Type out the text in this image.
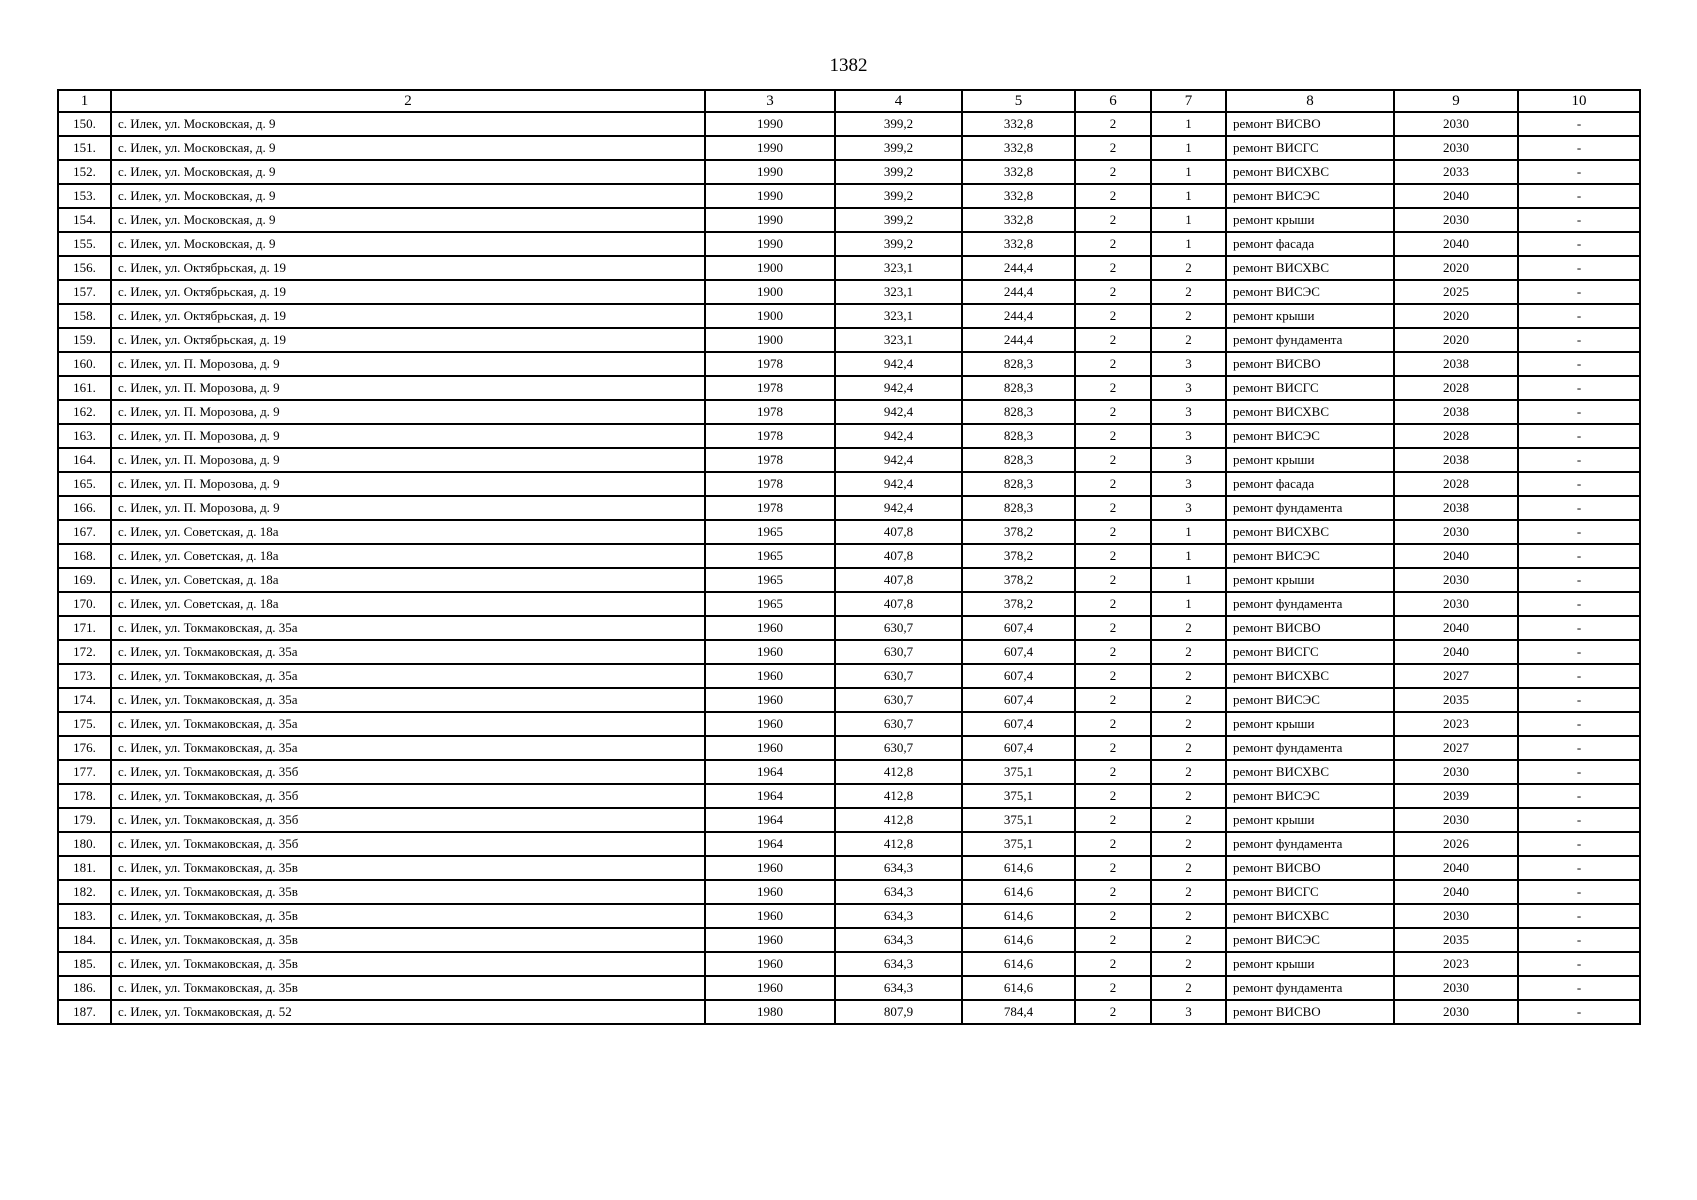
1382
1	2	3	4	5	6	7	8	9	10
150.	с. Илек, ул. Московская, д. 9	1990	399,2	332,8	2	1	ремонт ВИСВО	2030	-
151.	с. Илек, ул. Московская, д. 9	1990	399,2	332,8	2	1	ремонт ВИСГС	2030	-
152.	с. Илек, ул. Московская, д. 9	1990	399,2	332,8	2	1	ремонт ВИСХВС	2033	-
153.	с. Илек, ул. Московская, д. 9	1990	399,2	332,8	2	1	ремонт ВИСЭС	2040	-
154.	с. Илек, ул. Московская, д. 9	1990	399,2	332,8	2	1	ремонт крыши	2030	-
155.	с. Илек, ул. Московская, д. 9	1990	399,2	332,8	2	1	ремонт фасада	2040	-
156.	с. Илек, ул. Октябрьская, д. 19	1900	323,1	244,4	2	2	ремонт ВИСХВС	2020	-
157.	с. Илек, ул. Октябрьская, д. 19	1900	323,1	244,4	2	2	ремонт ВИСЭС	2025	-
158.	с. Илек, ул. Октябрьская, д. 19	1900	323,1	244,4	2	2	ремонт крыши	2020	-
159.	с. Илек, ул. Октябрьская, д. 19	1900	323,1	244,4	2	2	ремонт фундамента	2020	-
160.	с. Илек, ул. П. Морозова, д. 9	1978	942,4	828,3	2	3	ремонт ВИСВО	2038	-
161.	с. Илек, ул. П. Морозова, д. 9	1978	942,4	828,3	2	3	ремонт ВИСГС	2028	-
162.	с. Илек, ул. П. Морозова, д. 9	1978	942,4	828,3	2	3	ремонт ВИСХВС	2038	-
163.	с. Илек, ул. П. Морозова, д. 9	1978	942,4	828,3	2	3	ремонт ВИСЭС	2028	-
164.	с. Илек, ул. П. Морозова, д. 9	1978	942,4	828,3	2	3	ремонт крыши	2038	-
165.	с. Илек, ул. П. Морозова, д. 9	1978	942,4	828,3	2	3	ремонт фасада	2028	-
166.	с. Илек, ул. П. Морозова, д. 9	1978	942,4	828,3	2	3	ремонт фундамента	2038	-
167.	с. Илек, ул. Советская, д. 18а	1965	407,8	378,2	2	1	ремонт ВИСХВС	2030	-
168.	с. Илек, ул. Советская, д. 18а	1965	407,8	378,2	2	1	ремонт ВИСЭС	2040	-
169.	с. Илек, ул. Советская, д. 18а	1965	407,8	378,2	2	1	ремонт крыши	2030	-
170.	с. Илек, ул. Советская, д. 18а	1965	407,8	378,2	2	1	ремонт фундамента	2030	-
171.	с. Илек, ул. Токмаковская, д. 35а	1960	630,7	607,4	2	2	ремонт ВИСВО	2040	-
172.	с. Илек, ул. Токмаковская, д. 35а	1960	630,7	607,4	2	2	ремонт ВИСГС	2040	-
173.	с. Илек, ул. Токмаковская, д. 35а	1960	630,7	607,4	2	2	ремонт ВИСХВС	2027	-
174.	с. Илек, ул. Токмаковская, д. 35а	1960	630,7	607,4	2	2	ремонт ВИСЭС	2035	-
175.	с. Илек, ул. Токмаковская, д. 35а	1960	630,7	607,4	2	2	ремонт крыши	2023	-
176.	с. Илек, ул. Токмаковская, д. 35а	1960	630,7	607,4	2	2	ремонт фундамента	2027	-
177.	с. Илек, ул. Токмаковская, д. 35б	1964	412,8	375,1	2	2	ремонт ВИСХВС	2030	-
178.	с. Илек, ул. Токмаковская, д. 35б	1964	412,8	375,1	2	2	ремонт ВИСЭС	2039	-
179.	с. Илек, ул. Токмаковская, д. 35б	1964	412,8	375,1	2	2	ремонт крыши	2030	-
180.	с. Илек, ул. Токмаковская, д. 35б	1964	412,8	375,1	2	2	ремонт фундамента	2026	-
181.	с. Илек, ул. Токмаковская, д. 35в	1960	634,3	614,6	2	2	ремонт ВИСВО	2040	-
182.	с. Илек, ул. Токмаковская, д. 35в	1960	634,3	614,6	2	2	ремонт ВИСГС	2040	-
183.	с. Илек, ул. Токмаковская, д. 35в	1960	634,3	614,6	2	2	ремонт ВИСХВС	2030	-
184.	с. Илек, ул. Токмаковская, д. 35в	1960	634,3	614,6	2	2	ремонт ВИСЭС	2035	-
185.	с. Илек, ул. Токмаковская, д. 35в	1960	634,3	614,6	2	2	ремонт крыши	2023	-
186.	с. Илек, ул. Токмаковская, д. 35в	1960	634,3	614,6	2	2	ремонт фундамента	2030	-
187.	с. Илек, ул. Токмаковская, д. 52	1980	807,9	784,4	2	3	ремонт ВИСВО	2030	-
